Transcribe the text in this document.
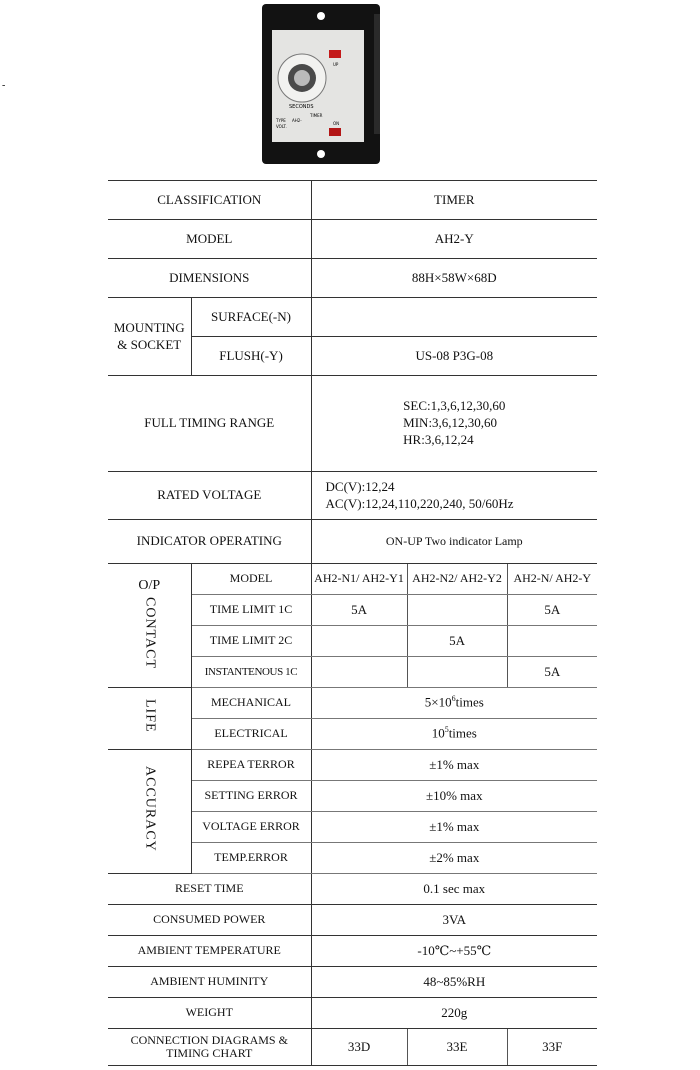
-
SECONDS
UP
ON
TIMER
TYPE AH2-
VOLT.
CLASSIFICATION		TIMER		
MODEL		AH2-Y		
DIMENSIONS		88H×58W×68D		
MOUNTING & SOCKET	SURFACE(-N)			
	FLUSH(-Y)	US-08 P3G-08		
FULL TIMING RANGE		SEC:1,3,6,12,30,60
MIN:3,6,12,30,60
HR:3,6,12,24		

RATED VOLTAGE		DC(V):12,24
AC(V):12,24,110,220,240, 50/60Hz		

INDICATOR OPERATING		ON-UP Two indicator Lamp		

O/P
CONTACT	MODEL	AH2-N1/ AH2-Y1	AH2-N2/ AH2-Y2	AH2-N/ AH2-Y
	TIME LIMIT 1C	5A		5A
	TIME LIMIT 2C		5A	
	INSTANTENOUS 1C			5A
LIFE	MECHANICAL	$5\times 10^6times$		
	ELECTRICAL	$10^5times$		
ACCURACY	REPEA TERROR	±1% max		
	SETTING ERROR	±10% max		
	VOLTAGE ERROR	±1% max		
	TEMP.ERROR	±2% max		
RESET TIME		0.1 sec max		
CONSUMED POWER		3VA		
AMBIENT TEMPERATURE		-10℃~+55℃		
AMBIENT HUMINITY		48~85%RH		
WEIGHT		220g		
CONNECTION DIAGRAMS & TIMING CHART		33D	33E	33F
